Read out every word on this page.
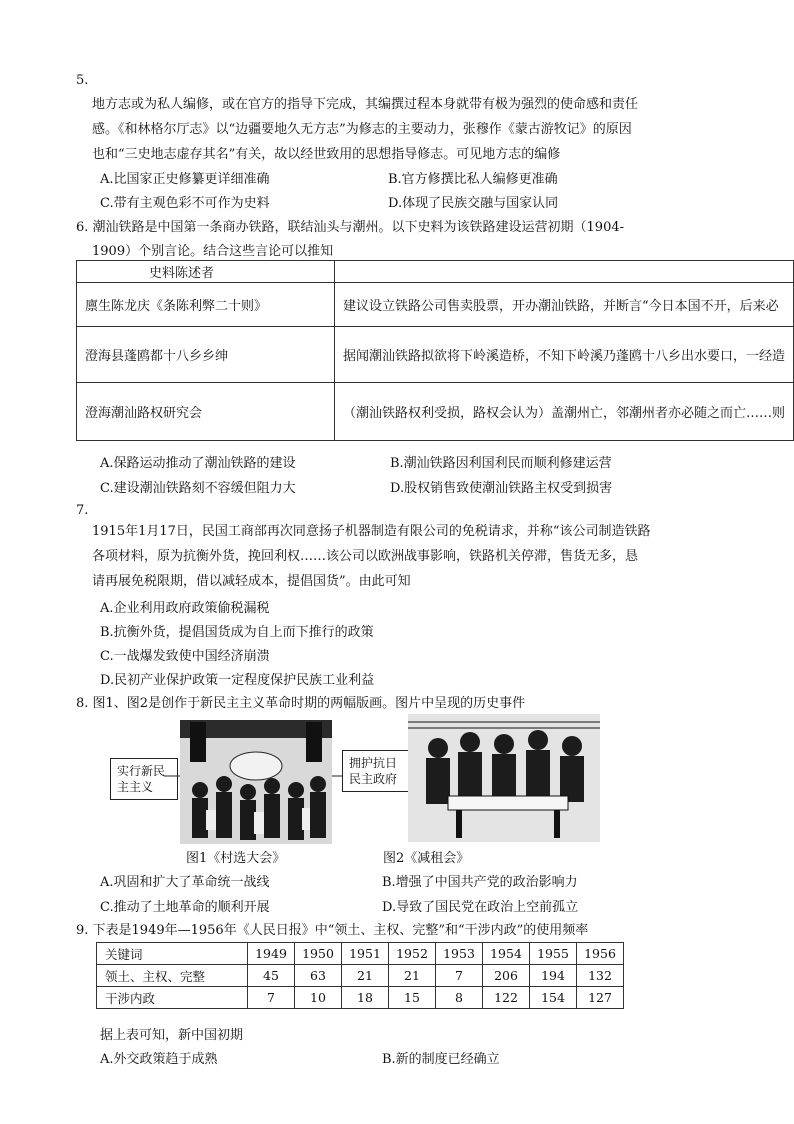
5.
地方志或为私人编修，或在官方的指导下完成，其编撰过程本身就带有极为强烈的使命感和责任
感。《和林格尔厅志》以“边疆要地久无方志”为修志的主要动力，张穆作《蒙古游牧记》的原因
也和“三史地志虚存其名”有关，故以经世致用的思想指导修志。可见地方志的编修
A.比国家正史修纂更详细准确	B.官方修撰比私人编修更准确
C.带有主观色彩不可作为史料	D.体现了民族交融与国家认同
6. 潮汕铁路是中国第一条商办铁路，联结汕头与潮州。以下史料为该铁路建设运营初期（1904-
1909）个别言论。结合这些言论可以推知
史料陈述者	
廪生陈龙庆《条陈利弊二十则》	建议设立铁路公司售卖股票，开办潮汕铁路，并断言“今日本国不开，后来必
澄海县蓬鸥都十八乡乡绅	据闻潮汕铁路拟欲将下岭溪造桥，不知下岭溪乃蓬鸥十八乡出水要口，一经造
澄海潮汕路权研究会	（潮汕铁路权利受损，路权会认为）盖潮州亡，邻潮州者亦必随之而亡……则
A.保路运动推动了潮汕铁路的建设	B.潮汕铁路因利国利民而顺利修建运营
C.建设潮汕铁路刻不容缓但阻力大	D.股权销售致使潮汕铁路主权受到损害
7.
1915年1月17日，民国工商部再次同意扬子机器制造有限公司的免税请求，并称“该公司制造铁路
各项材料，原为抗衡外货，挽回利权……该公司以欧洲战事影响，铁路机关停滞，售货无多，恳
请再展免税限期，借以减轻成本，提倡国货”。由此可知
A.企业利用政府政策偷税漏税
B.抗衡外货，提倡国货成为自上而下推行的政策
C.一战爆发致使中国经济崩溃
D.民初产业保护政策一定程度保护民族工业利益
8. 图1、图2是创作于新民主主义革命时期的两幅版画。图片中呈现的历史事件
实行新民
主主义
拥护抗日
民主政府
图1《村选大会》	图2《减租会》
A.巩固和扩大了革命统一战线	B.增强了中国共产党的政治影响力
C.推动了土地革命的顺利开展	D.导致了国民党在政治上空前孤立
9. 下表是1949年—1956年《人民日报》中“领土、主权、完整”和“干涉内政”的使用频率
关键词	1949	1950	1951	1952	1953	1954	1955	1956
领土、主权、完整	45	63	21	21	7	206	194	132
干涉内政	7	10	18	15	8	122	154	127
据上表可知，新中国初期
A.外交政策趋于成熟	B.新的制度已经确立
